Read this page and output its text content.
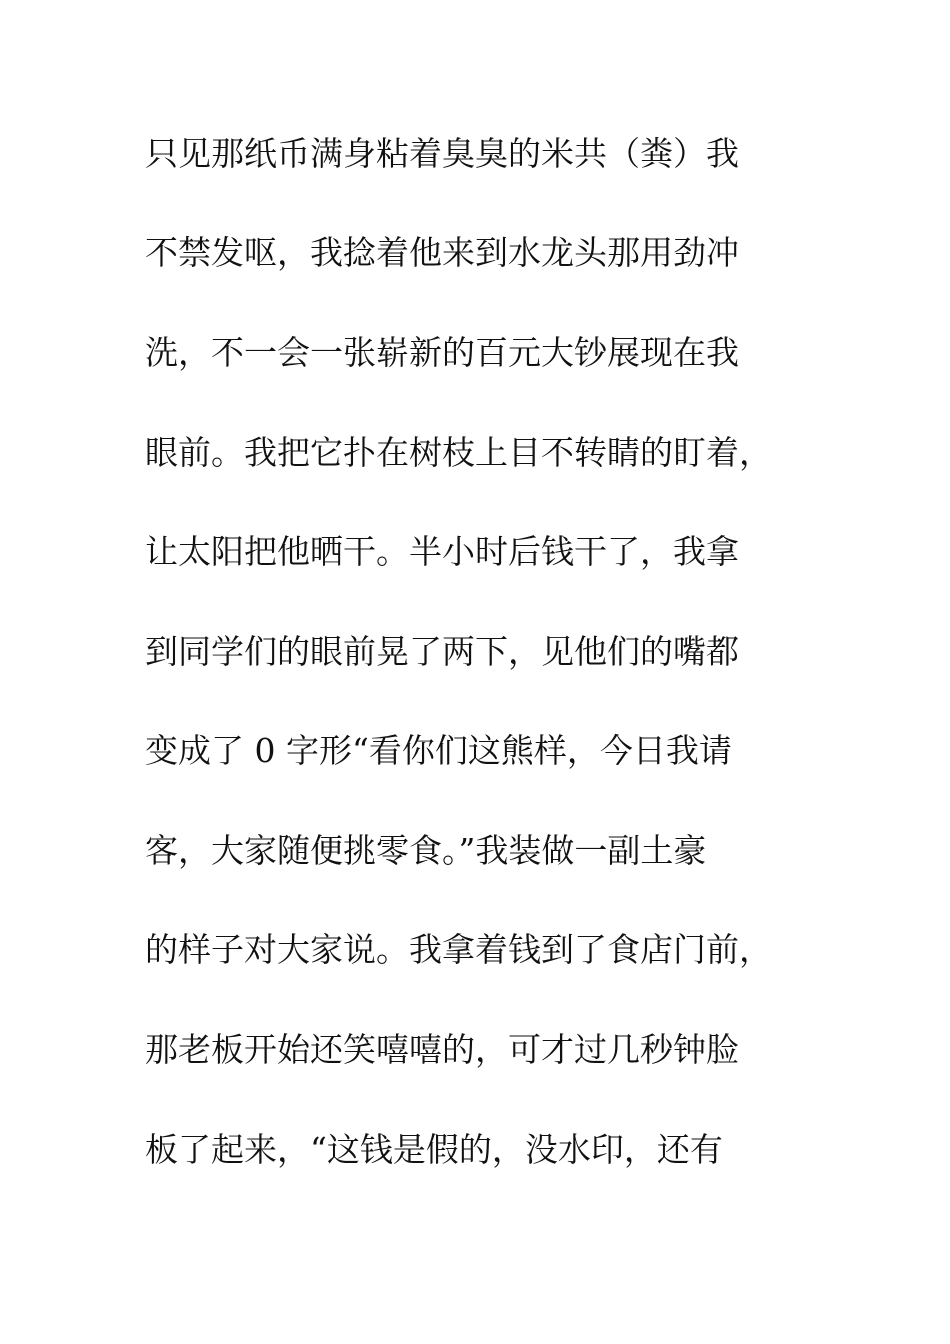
只见那纸币满身粘着臭臭的米共（粪）我

不禁发呕，我捻着他来到水龙头那用劲冲

洗，不一会一张崭新的百元大钞展现在我

眼前。我把它扑在树枝上目不转睛的盯着，

让太阳把他晒干。半小时后钱干了，我拿

到同学们的眼前晃了两下，见他们的嘴都

变成了 0 字形“看你们这熊样，今日我请

客，大家随便挑零食。”我装做一副土豪

的样子对大家说。我拿着钱到了食店门前，

那老板开始还笑嘻嘻的，可才过几秒钟脸

板了起来，“这钱是假的，没水印，还有
